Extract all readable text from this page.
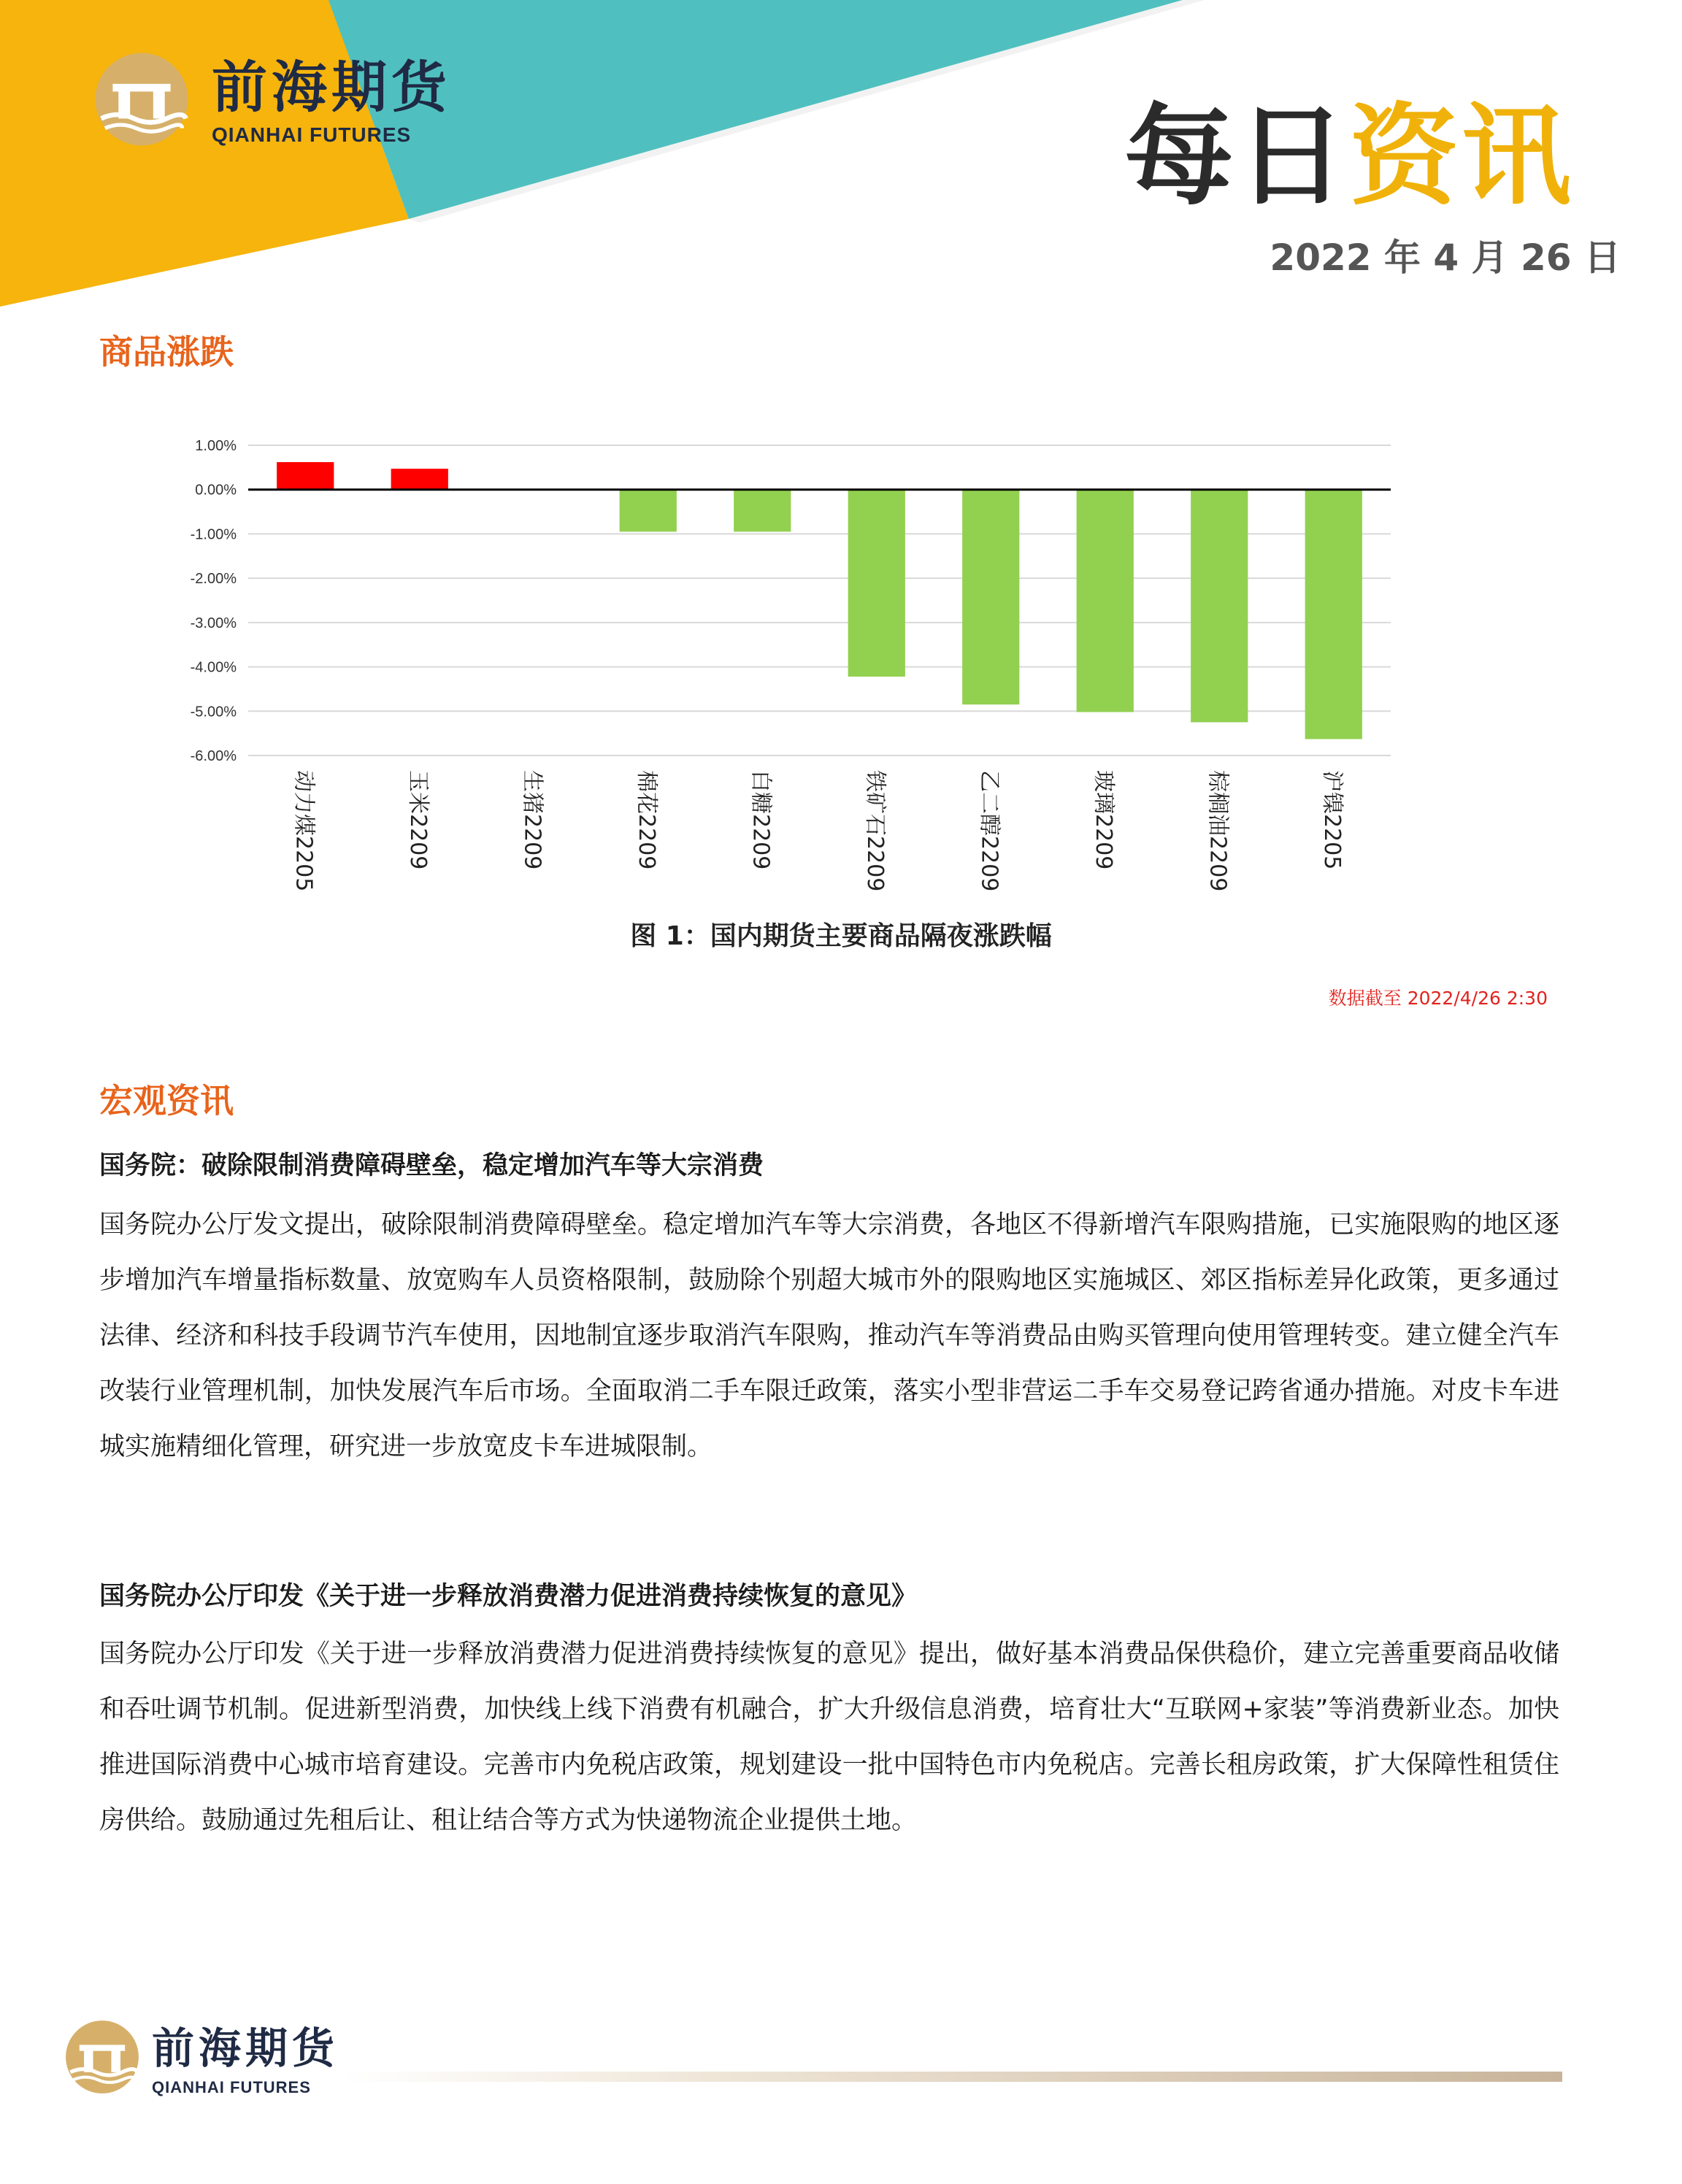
前海期货
QIANHAI FUTURES	每日资讯
2022 年 4 月 26 日
商品涨跌
1.00%
0.00%
-1.00%
-2.00%
-3.00%
-4.00%
-5.00%
-6.00%
动力煤2205	玉米2209	生猪2209	棉花2209	白糖2209	铁矿石2209	乙二醇2209	玻璃2209	棕榈油2209	沪镍2205
图 1：国内期货主要商品隔夜涨跌幅
数据截至 2022/4/26 2:30
宏观资讯
国务院：破除限制消费障碍壁垒，稳定增加汽车等大宗消费
国务院办公厅发文提出，破除限制消费障碍壁垒。稳定增加汽车等大宗消费，各地区不得新增汽车限购措施，已实施限购的地区逐步增加汽车增量指标数量、放宽购车人员资格限制，鼓励除个别超大城市外的限购地区实施城区、郊区指标差异化政策，更多通过法律、经济和科技手段调节汽车使用，因地制宜逐步取消汽车限购，推动汽车等消费品由购买管理向使用管理转变。建立健全汽车改装行业管理机制，加快发展汽车后市场。全面取消二手车限迁政策，落实小型非营运二手车交易登记跨省通办措施。对皮卡车进城实施精细化管理，研究进一步放宽皮卡车进城限制。
国务院办公厅印发《关于进一步释放消费潜力促进消费持续恢复的意见》
国务院办公厅印发《关于进一步释放消费潜力促进消费持续恢复的意见》提出，做好基本消费品保供稳价，建立完善重要商品收储和吞吐调节机制。促进新型消费，加快线上线下消费有机融合，扩大升级信息消费，培育壮大“互联网+家装”等消费新业态。加快推进国际消费中心城市培育建设。完善市内免税店政策，规划建设一批中国特色市内免税店。完善长租房政策，扩大保障性租赁住房供给。鼓励通过先租后让、租让结合等方式为快递物流企业提供土地。
前海期货
QIANHAI FUTURES
